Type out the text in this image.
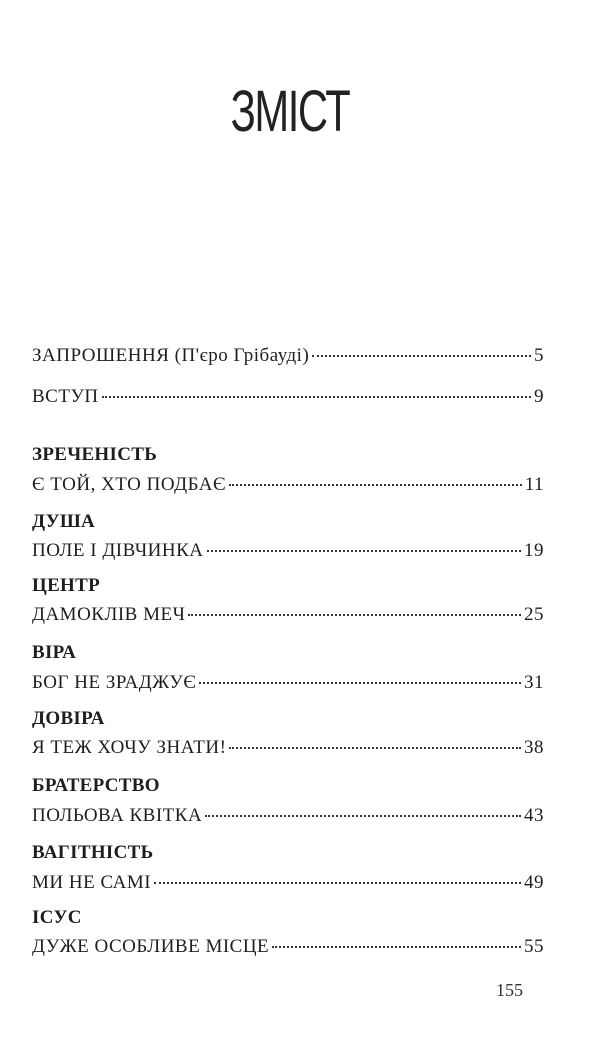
ЗМІСТ
ЗАПРОШЕННЯ (П'єро Грібауді)	5
ВСТУП	9
ЗРЕЧЕНІСТЬ
Є ТОЙ, ХТО ПОДБАЄ	11
ДУША
ПОЛЕ І ДІВЧИНКА	19
ЦЕНТР
ДАМОКЛІВ МЕЧ	25
ВІРА
БОГ НЕ ЗРАДЖУЄ	31
ДОВІРА
Я ТЕЖ ХОЧУ ЗНАТИ!	38
БРАТЕРСТВО
ПОЛЬОВА КВІТКА	43
ВАГІТНІСТЬ
МИ НЕ САМІ	49
ІСУС
ДУЖЕ ОСОБЛИВЕ МІСЦЕ	55
155
